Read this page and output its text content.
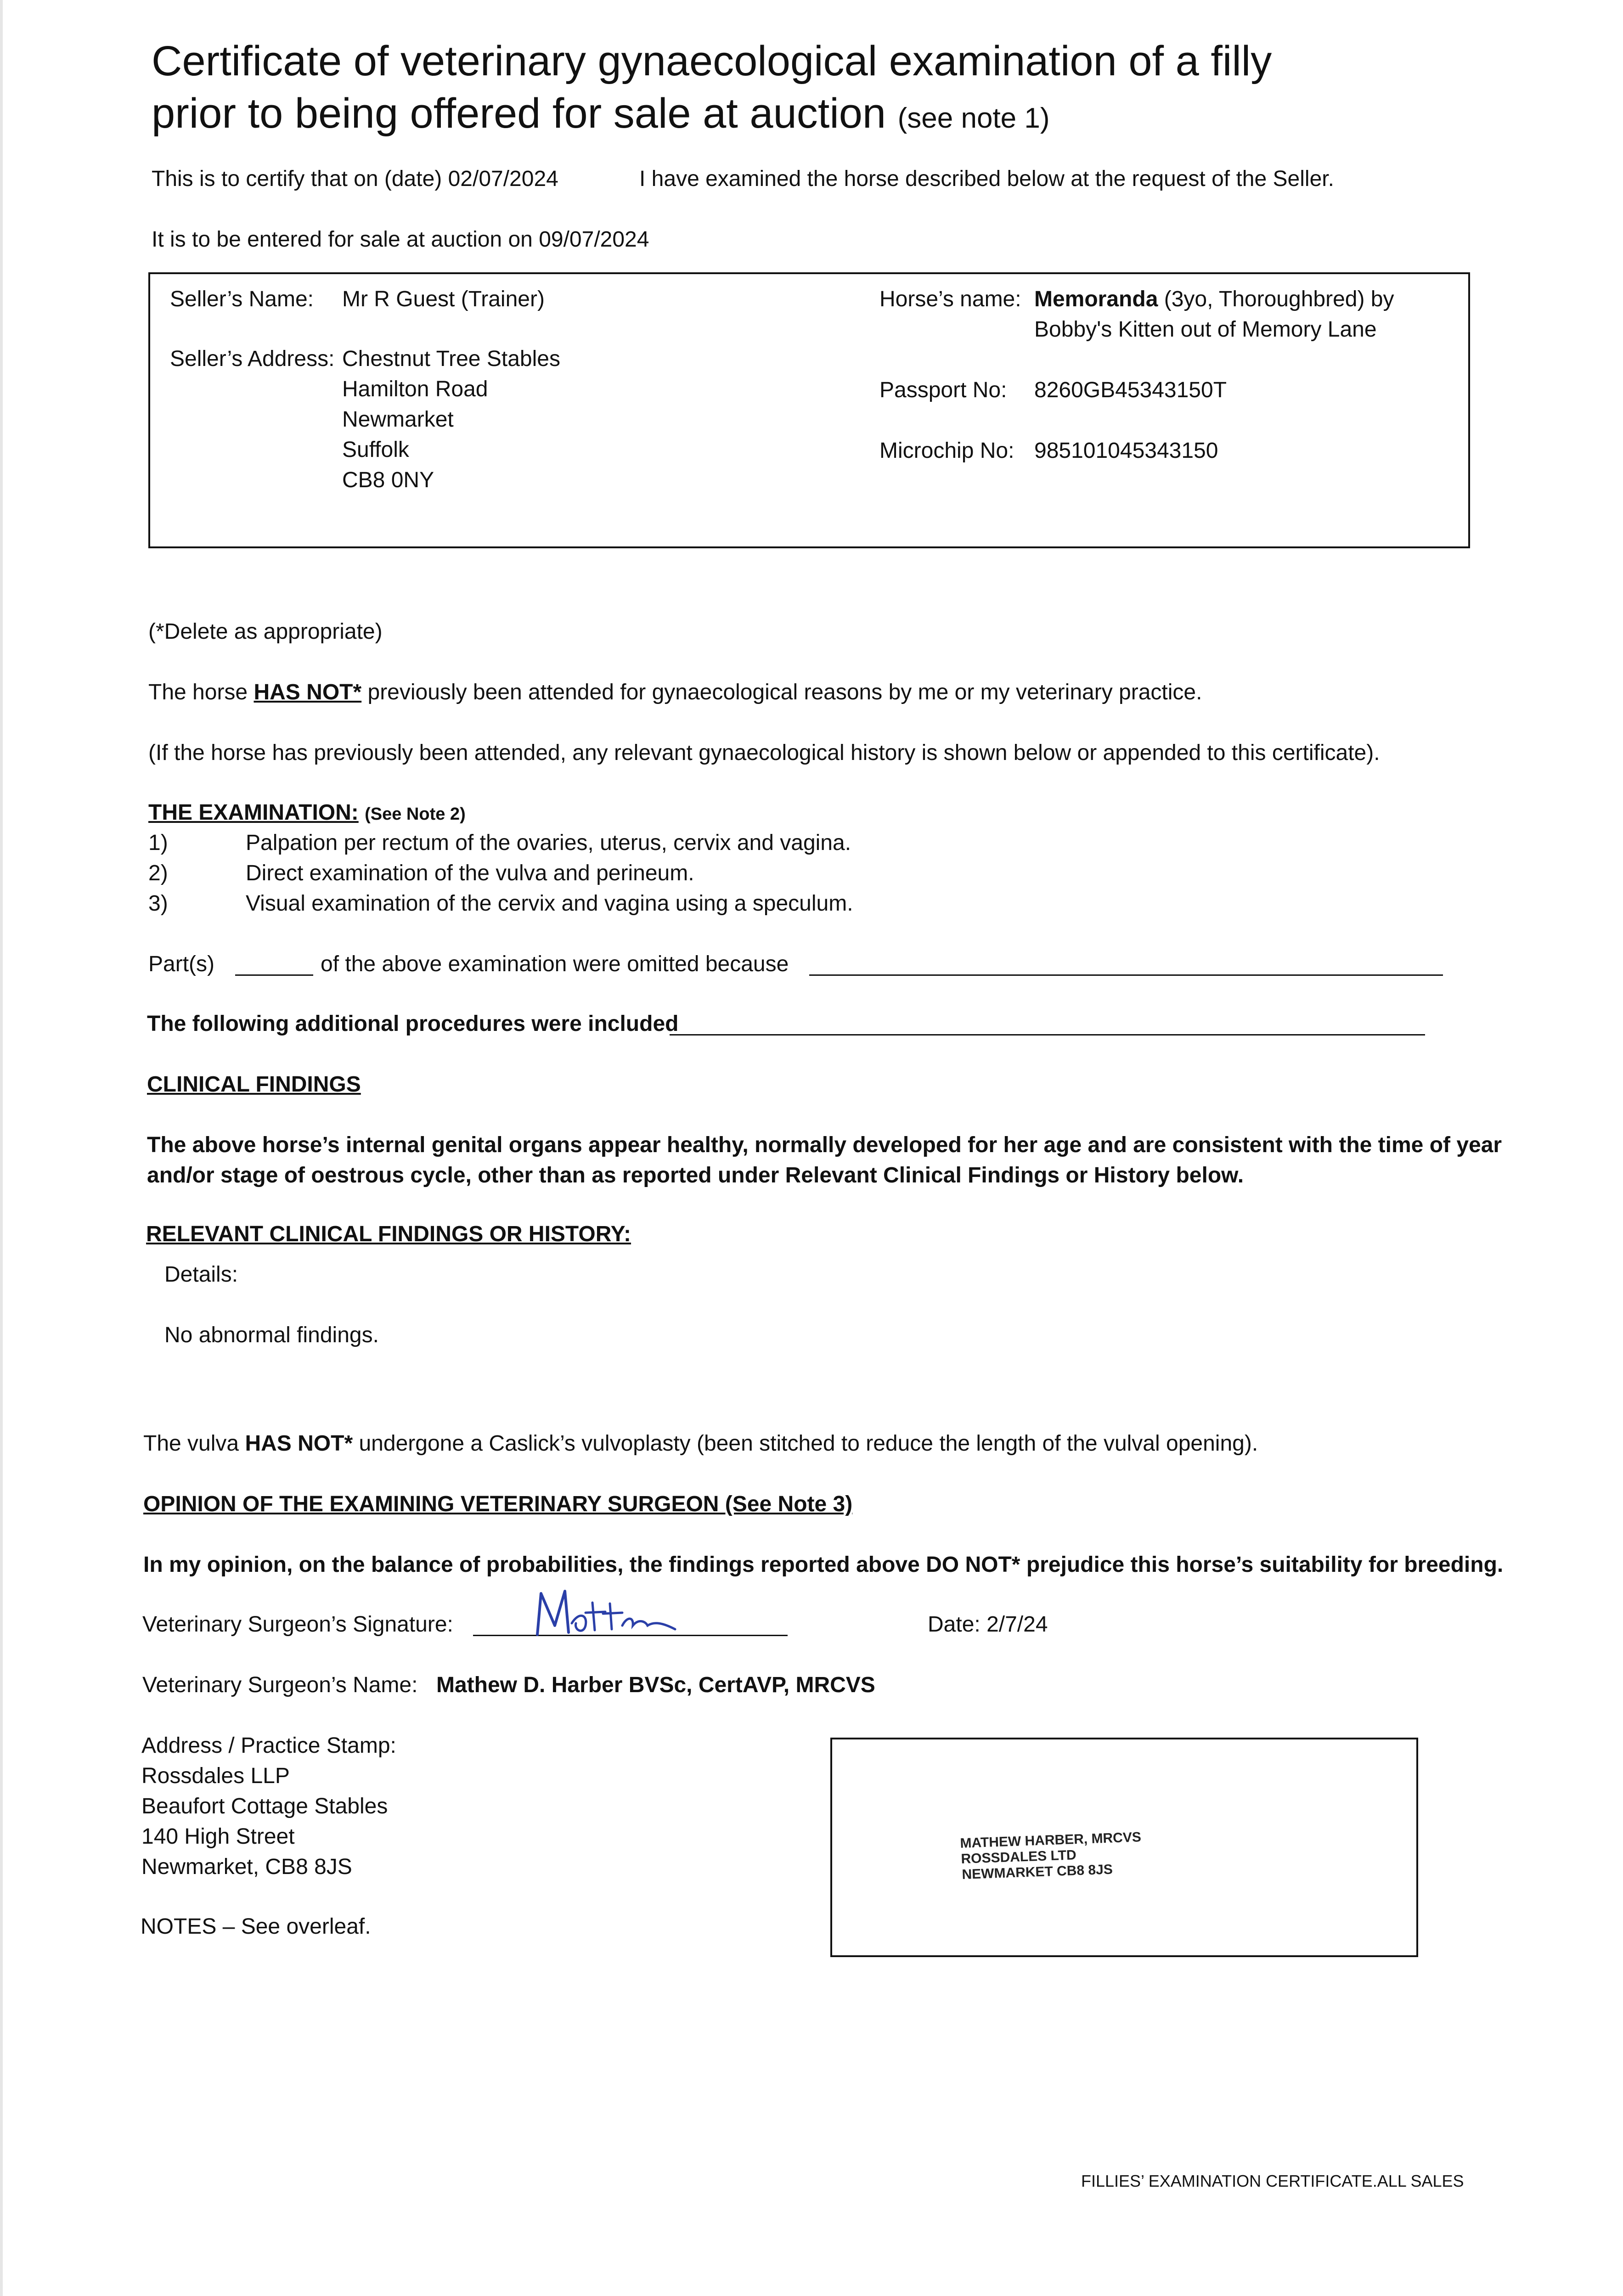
Certificate of veterinary gynaecological examination of a filly
prior to being offered for sale at auction (see note 1)
This is to certify that on (date) 02/07/2024	I have examined the horse described below at the request of the Seller.
It is to be entered for sale at auction on 09/07/2024
Seller’s Name: Mr R Guest (Trainer)
Seller’s Address: Chestnut Tree Stables
Hamilton Road
Newmarket
Suffolk
CB8 0NY
Horse’s name: Memoranda (3yo, Thoroughbred) by
Bobby's Kitten out of Memory Lane
Passport No: 8260GB45343150T
Microchip No: 985101045343150
(*Delete as appropriate)
The horse HAS NOT* previously been attended for gynaecological reasons by me or my veterinary practice.
(If the horse has previously been attended, any relevant gynaecological history is shown below or appended to this certificate).
THE EXAMINATION: (See Note 2)
1)	Palpation per rectum of the ovaries, uterus, cervix and vagina.
2)	Direct examination of the vulva and perineum.
3)	Visual examination of the cervix and vagina using a speculum.
Part(s)	of the above examination were omitted because
The following additional procedures were included
CLINICAL FINDINGS
The above horse’s internal genital organs appear healthy, normally developed for her age and are consistent with the time of year
and/or stage of oestrous cycle, other than as reported under Relevant Clinical Findings or History below.
RELEVANT CLINICAL FINDINGS OR HISTORY:
Details:
No abnormal findings.
The vulva HAS NOT* undergone a Caslick’s vulvoplasty (been stitched to reduce the length of the vulval opening).
OPINION OF THE EXAMINING VETERINARY SURGEON (See Note 3)
In my opinion, on the balance of probabilities, the findings reported above DO NOT* prejudice this horse’s suitability for breeding.
Veterinary Surgeon’s Signature:	Date: 2/7/24
Veterinary Surgeon’s Name: Mathew D. Harber BVSc, CertAVP, MRCVS
Address / Practice Stamp:
Rossdales LLP
Beaufort Cottage Stables
140 High Street
Newmarket, CB8 8JS
MATHEW HARBER, MRCVS
ROSSDALES LTD
NEWMARKET CB8 8JS
NOTES – See overleaf.
FILLIES’ EXAMINATION CERTIFICATE.ALL SALES
